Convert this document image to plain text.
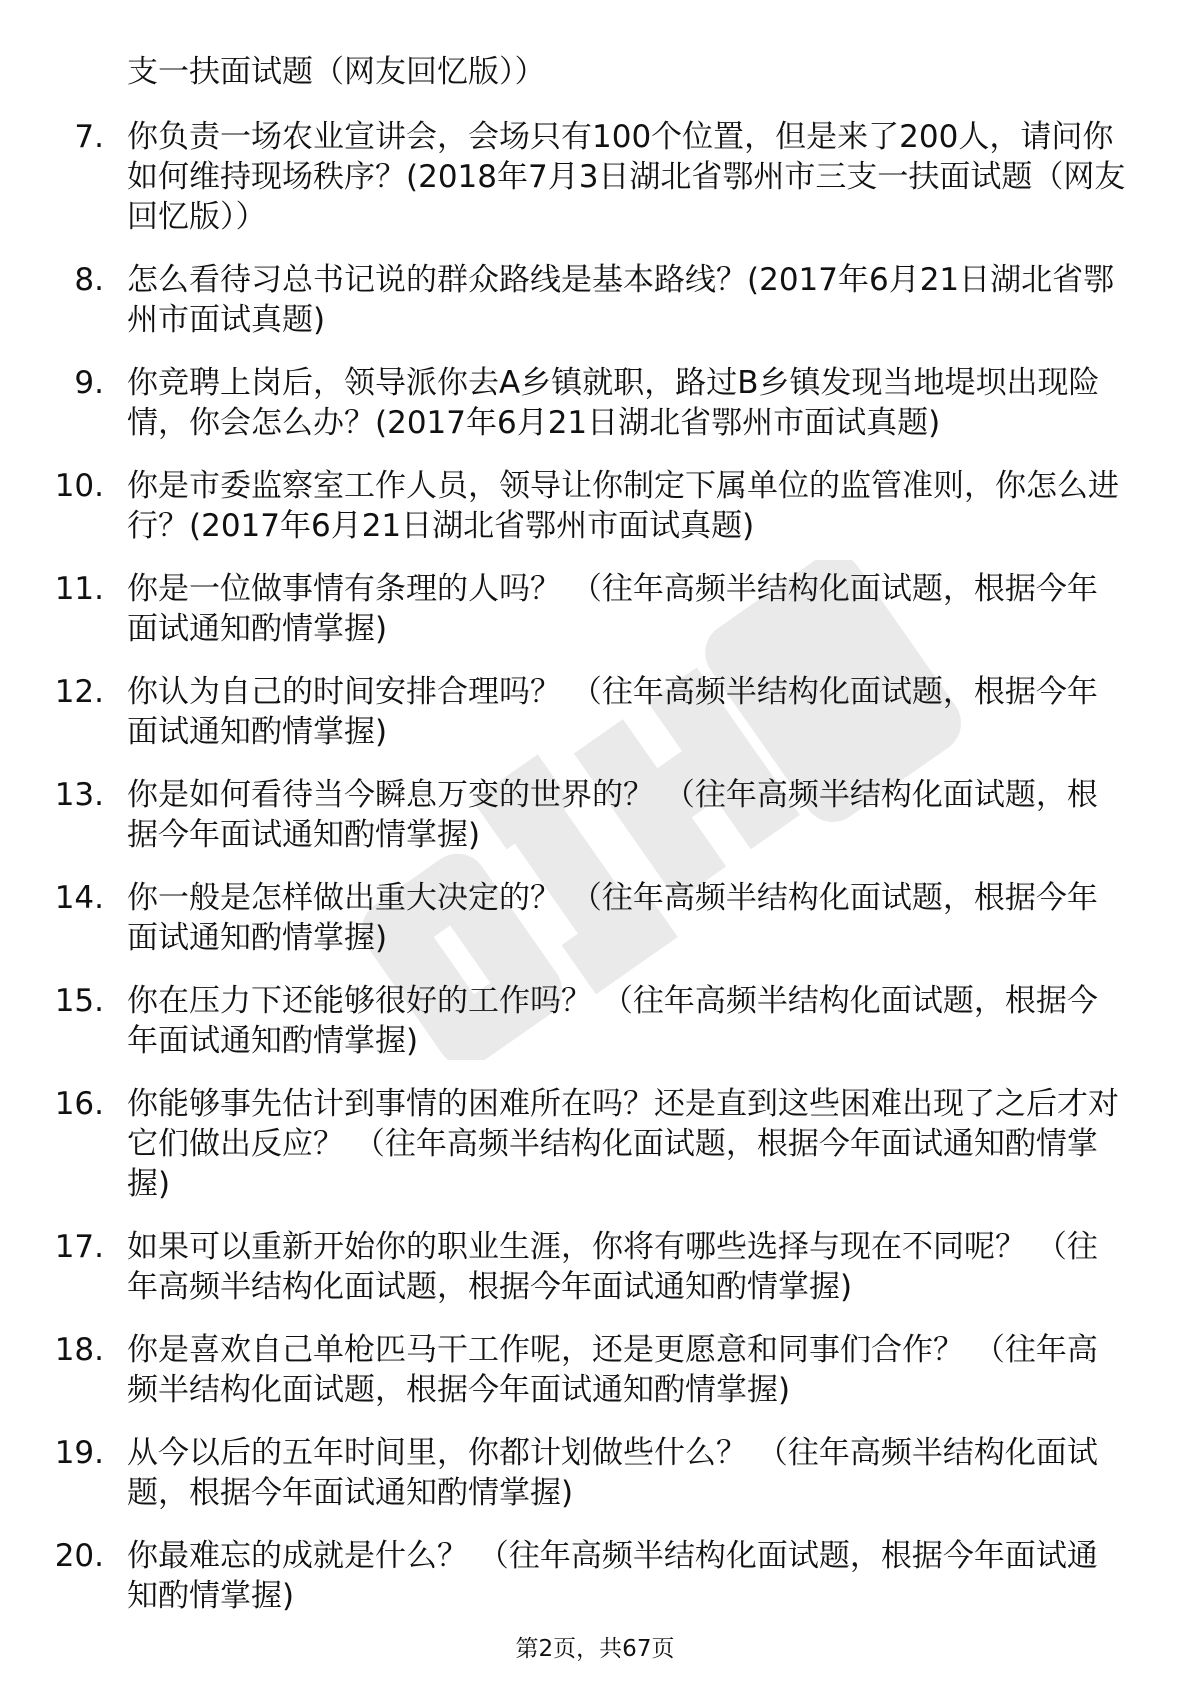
支一扶面试题（网友回忆版））
7. 你负责一场农业宣讲会，会场只有100个位置，但是来了200人，请问你如何维持现场秩序？(2018年7月3日湖北省鄂州市三支一扶面试题（网友回忆版））
8. 怎么看待习总书记说的群众路线是基本路线？(2017年6月21日湖北省鄂州市面试真题)
9. 你竞聘上岗后，领导派你去A乡镇就职，路过B乡镇发现当地堤坝出现险情，你会怎么办？(2017年6月21日湖北省鄂州市面试真题)
10. 你是市委监察室工作人员，领导让你制定下属单位的监管准则，你怎么进行？(2017年6月21日湖北省鄂州市面试真题)
11. 你是一位做事情有条理的人吗？ （往年高频半结构化面试题，根据今年面试通知酌情掌握)
12. 你认为自己的时间安排合理吗？ （往年高频半结构化面试题，根据今年面试通知酌情掌握)
13. 你是如何看待当今瞬息万变的世界的？ （往年高频半结构化面试题，根据今年面试通知酌情掌握)
14. 你一般是怎样做出重大决定的？ （往年高频半结构化面试题，根据今年面试通知酌情掌握)
15. 你在压力下还能够很好的工作吗？ （往年高频半结构化面试题，根据今年面试通知酌情掌握)
16. 你能够事先估计到事情的困难所在吗？还是直到这些困难出现了之后才对它们做出反应？ （往年高频半结构化面试题，根据今年面试通知酌情掌握)
17. 如果可以重新开始你的职业生涯，你将有哪些选择与现在不同呢？ （往年高频半结构化面试题，根据今年面试通知酌情掌握)
18. 你是喜欢自己单枪匹马干工作呢，还是更愿意和同事们合作？ （往年高频半结构化面试题，根据今年面试通知酌情掌握)
19. 从今以后的五年时间里，你都计划做些什么？ （往年高频半结构化面试题，根据今年面试通知酌情掌握)
20. 你最难忘的成就是什么？ （往年高频半结构化面试题，根据今年面试通知酌情掌握)
第2页，共67页
